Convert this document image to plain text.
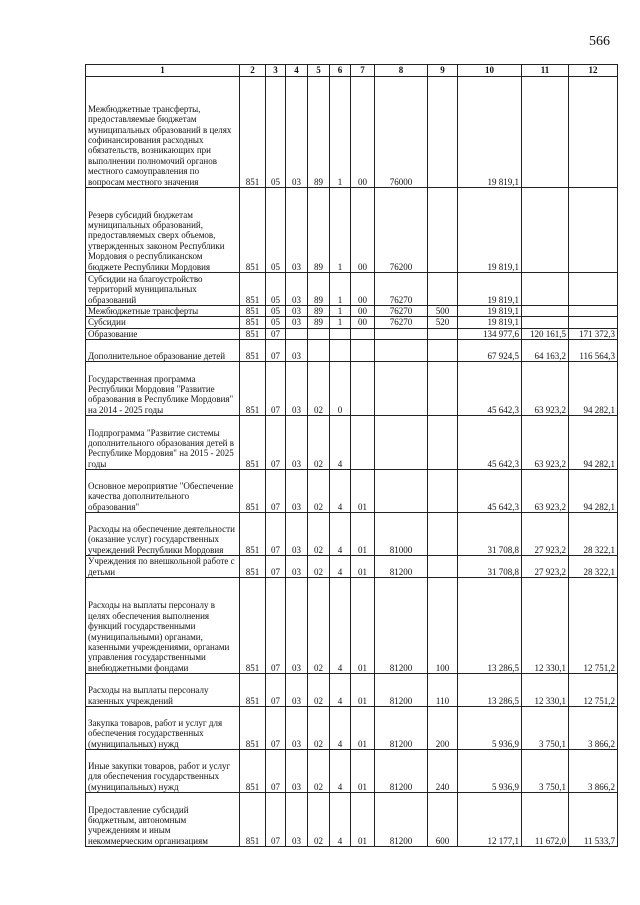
566
1	2	3	4	5	6	7	8	9	10	11	12

Межбюджетные трансферты, предоставляемые бюджетам муниципальных образований в целях софинансирования расходных обязательств, возникающих при выполнении полномочий органов местного самоуправления по вопросам местного значения	851	05	03	89	1	00	76000		19 819,1		

Резерв субсидий бюджетам муниципальных образований, предоставляемых сверх объемов, утвержденных законом Республики Мордовия о республиканском бюджете Республики Мордовия	851	05	03	89	1	00	76200		19 819,1		

Субсидии на благоустройство территорий муниципальных образований	851	05	03	89	1	00	76270		19 819,1		

Межбюджетные трансферты	851	05	03	89	1	00	76270	500	19 819,1		

Субсидии	851	05	03	89	1	00	76270	520	19 819,1		

Образование	851	07							134 977,6	120 161,5	171 372,3

Дополнительное образование детей	851	07	03						67 924,5	64 163,2	116 564,3

Государственная программа Республики Мордовия "Развитие образования в Республике Мордовия" на 2014 - 2025 годы	851	07	03	02	0				45 642,3	63 923,2	94 282,1

Подпрограмма "Развитие системы дополнительного образования детей в Республике Мордовия" на 2015 - 2025 годы	851	07	03	02	4				45 642,3	63 923,2	94 282,1

Основное мероприятие "Обеспечение качества дополнительного образования"	851	07	03	02	4	01			45 642,3	63 923,2	94 282,1

Расходы на обеспечение деятельности (оказание услуг) государственных учреждений Республики Мордовия	851	07	03	02	4	01	81000		31 708,8	27 923,2	28 322,1

Учреждения по внешкольной работе с детьми	851	07	03	02	4	01	81200		31 708,8	27 923,2	28 322,1

Расходы на выплаты персоналу в целях обеспечения выполнения функций государственными (муниципальными) органами, казенными учреждениями, органами управления государственными внебюджетными фондами	851	07	03	02	4	01	81200	100	13 286,5	12 330,1	12 751,2

Расходы на выплаты персоналу казенных учреждений	851	07	03	02	4	01	81200	110	13 286,5	12 330,1	12 751,2

Закупка товаров, работ и услуг для обеспечения государственных (муниципальных) нужд	851	07	03	02	4	01	81200	200	5 936,9	3 750,1	3 866,2

Иные закупки товаров, работ и услуг для обеспечения государственных (муниципальных) нужд	851	07	03	02	4	01	81200	240	5 936,9	3 750,1	3 866,2

Предоставление субсидий бюджетным, автономным учреждениям и иным некоммерческим организациям	851	07	03	02	4	01	81200	600	12 177,1	11 672,0	11 533,7
